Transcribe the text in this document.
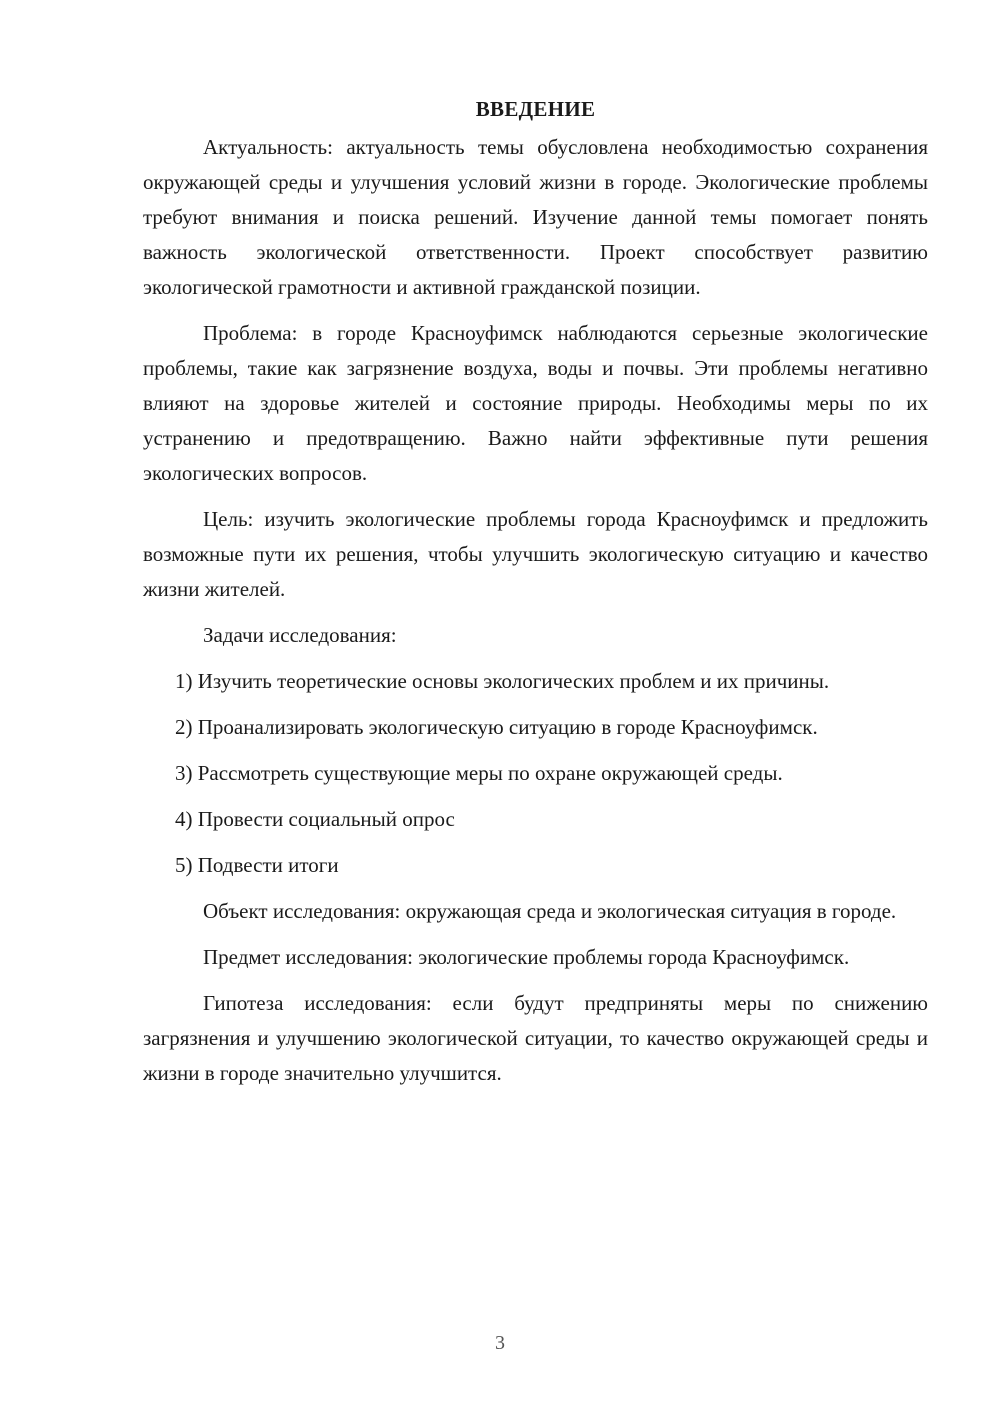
ВВЕДЕНИЕ

Актуальность: актуальность темы обусловлена необходимостью сохранения окружающей среды и улучшения условий жизни в городе. Экологические проблемы требуют внимания и поиска решений. Изучение данной темы помогает понять важность экологической ответственности. Проект способствует развитию экологической грамотности и активной гражданской позиции.

Проблема: в городе Красноуфимск наблюдаются серьезные экологические проблемы, такие как загрязнение воздуха, воды и почвы. Эти проблемы негативно влияют на здоровье жителей и состояние природы. Необходимы меры по их устранению и предотвращению. Важно найти эффективные пути решения экологических вопросов.

Цель: изучить экологические проблемы города Красноуфимск и предложить возможные пути их решения, чтобы улучшить экологическую ситуацию и качество жизни жителей.

Задачи исследования:

1) Изучить теоретические основы экологических проблем и их причины.

2) Проанализировать экологическую ситуацию в городе Красноуфимск.

3) Рассмотреть существующие меры по охране окружающей среды.

4) Провести социальный опрос

5) Подвести итоги

Объект исследования: окружающая среда и экологическая ситуация в городе.

Предмет исследования: экологические проблемы города Красноуфимск.

Гипотеза исследования: если будут предприняты меры по снижению загрязнения и улучшению экологической ситуации, то качество окружающей среды и жизни в городе значительно улучшится.

3
